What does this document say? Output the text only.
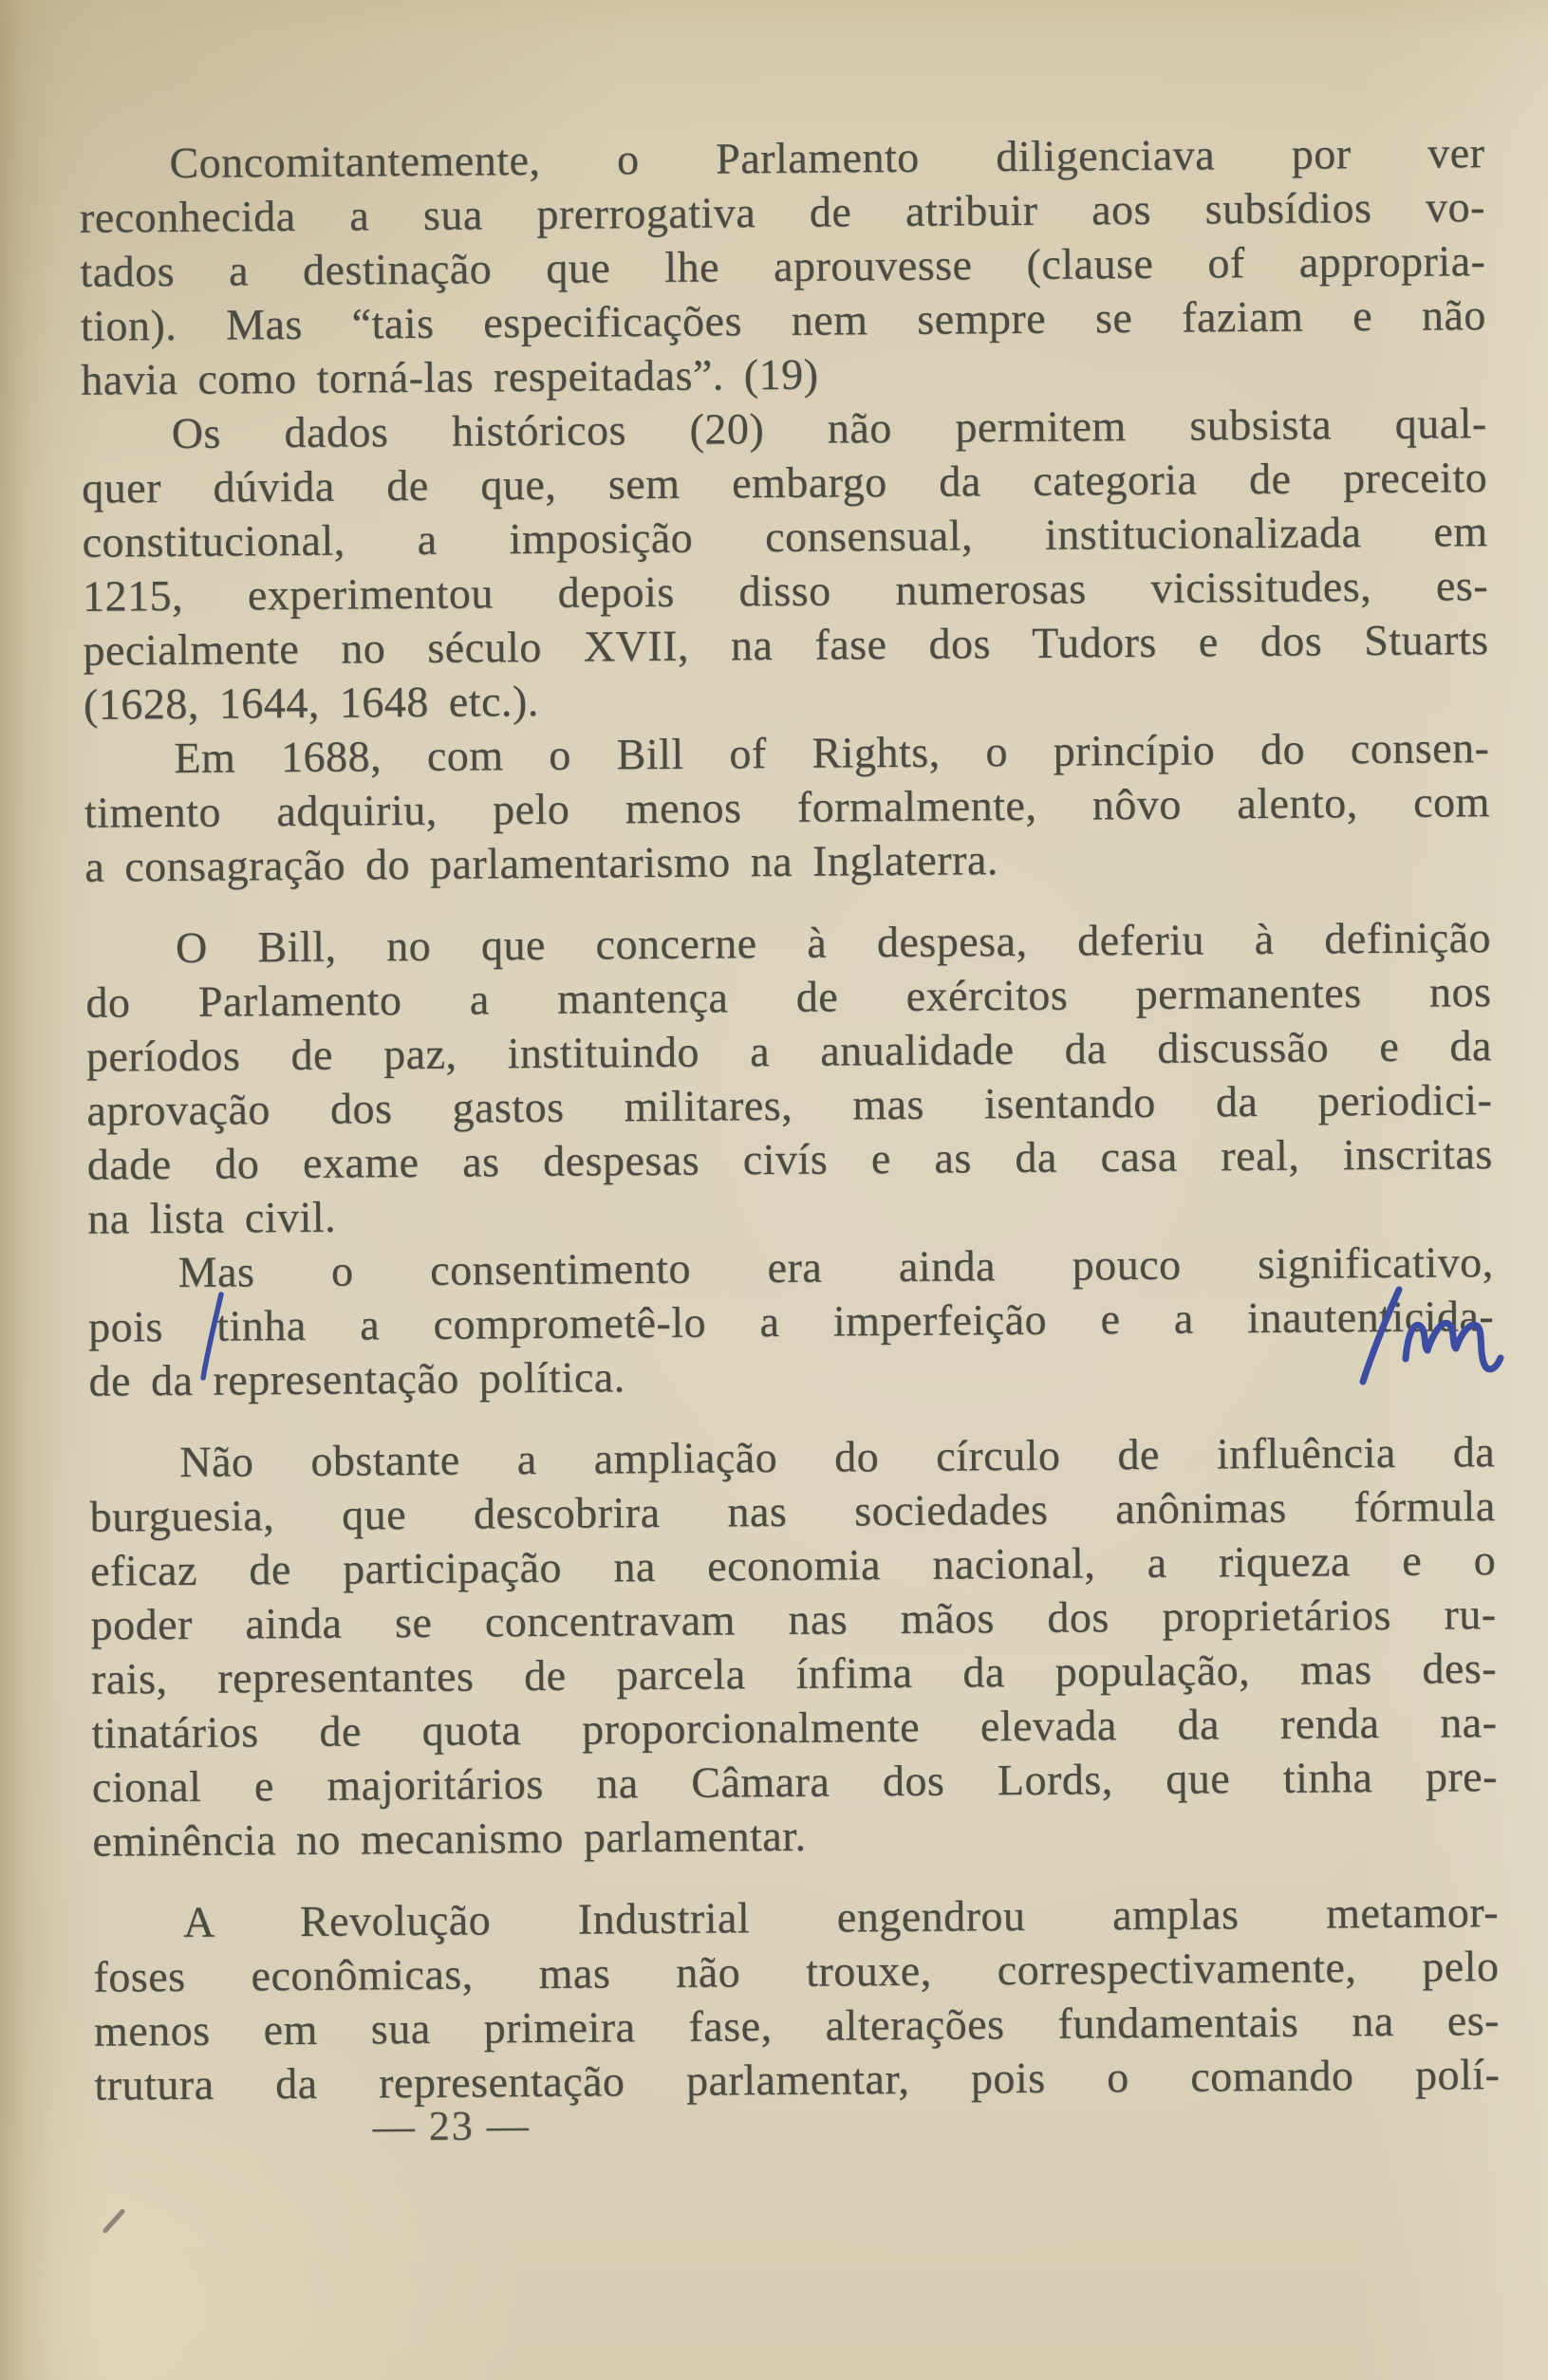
Concomitantemente, o Parlamento diligenciava por ver
reconhecida a sua prerrogativa de atribuir aos subsídios vo-
tados a destinação que lhe aprouvesse (clause of appropria-
tion). Mas “tais especificações nem sempre se faziam e não
havia como torná-las respeitadas”. (19)

Os dados históricos (20) não permitem subsista qual-
quer dúvida de que, sem embargo da categoria de preceito
constitucional, a imposição consensual, institucionalizada em
1215, experimentou depois disso numerosas vicissitudes, es-
pecialmente no século XVII, na fase dos Tudors e dos Stuarts
(1628, 1644, 1648 etc.).

Em 1688, com o Bill of Rights, o princípio do consen-
timento adquiriu, pelo menos formalmente, nôvo alento, com
a consagração do parlamentarismo na Inglaterra.

O Bill, no que concerne à despesa, deferiu à definição
do Parlamento a mantença de exércitos permanentes nos
períodos de paz, instituindo a anualidade da discussão e da
aprovação dos gastos militares, mas isentando da periodici-
dade do exame as despesas civís e as da casa real, inscritas
na lista civil.

Mas o consentimento era ainda pouco significativo,
pois tinha a comprometê-lo a imperfeição e a inautenticida-
de da representação política.

Não obstante a ampliação do círculo de influência da
burguesia, que descobrira nas sociedades anônimas fórmula
eficaz de participação na economia nacional, a riqueza e o
poder ainda se concentravam nas mãos dos proprietários ru-
rais, representantes de parcela ínfima da população, mas des-
tinatários de quota proporcionalmente elevada da renda na-
cional e majoritários na Câmara dos Lords, que tinha pre-
eminência no mecanismo parlamentar.

A Revolução Industrial engendrou amplas metamor-
foses econômicas, mas não trouxe, correspectivamente, pelo
menos em sua primeira fase, alterações fundamentais na es-
trutura da representação parlamentar, pois o comando polí-

— 23 —
